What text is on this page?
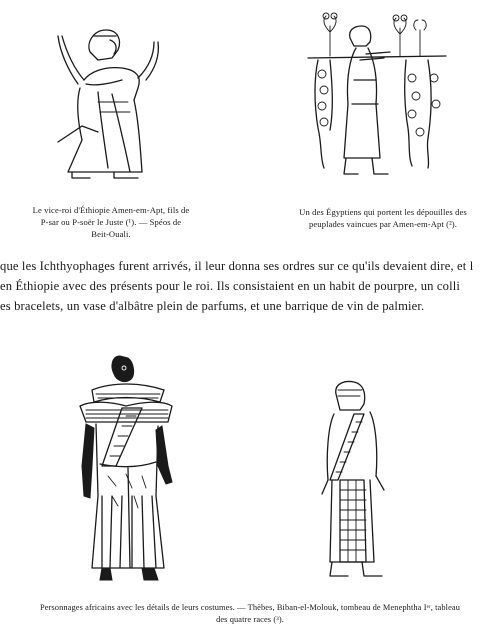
Le vice-roi d'Éthiopie Amen-em-Apt, fils de
P-sar ou P-soër le Juste (¹). — Spéos de
Beit-Ouali.
Un des Égyptiens qui portent les dépouilles des
peuplades vaincues par Amen-em-Apt (²).
que les Ichthyophages furent arrivés, il leur donna ses ordres sur ce qu'ils devaient dire, et l
en Éthiopie avec des présents pour le roi. Ils consistaient en un habit de pourpre, un colli
es bracelets, un vase d'albâtre plein de parfums, et une barrique de vin de palmier.
Personnages africains avec les détails de leurs costumes. — Thèbes, Biban-el-Molouk, tombeau de Menephtha Iᵉʳ, tableau
des quatre races (³).
